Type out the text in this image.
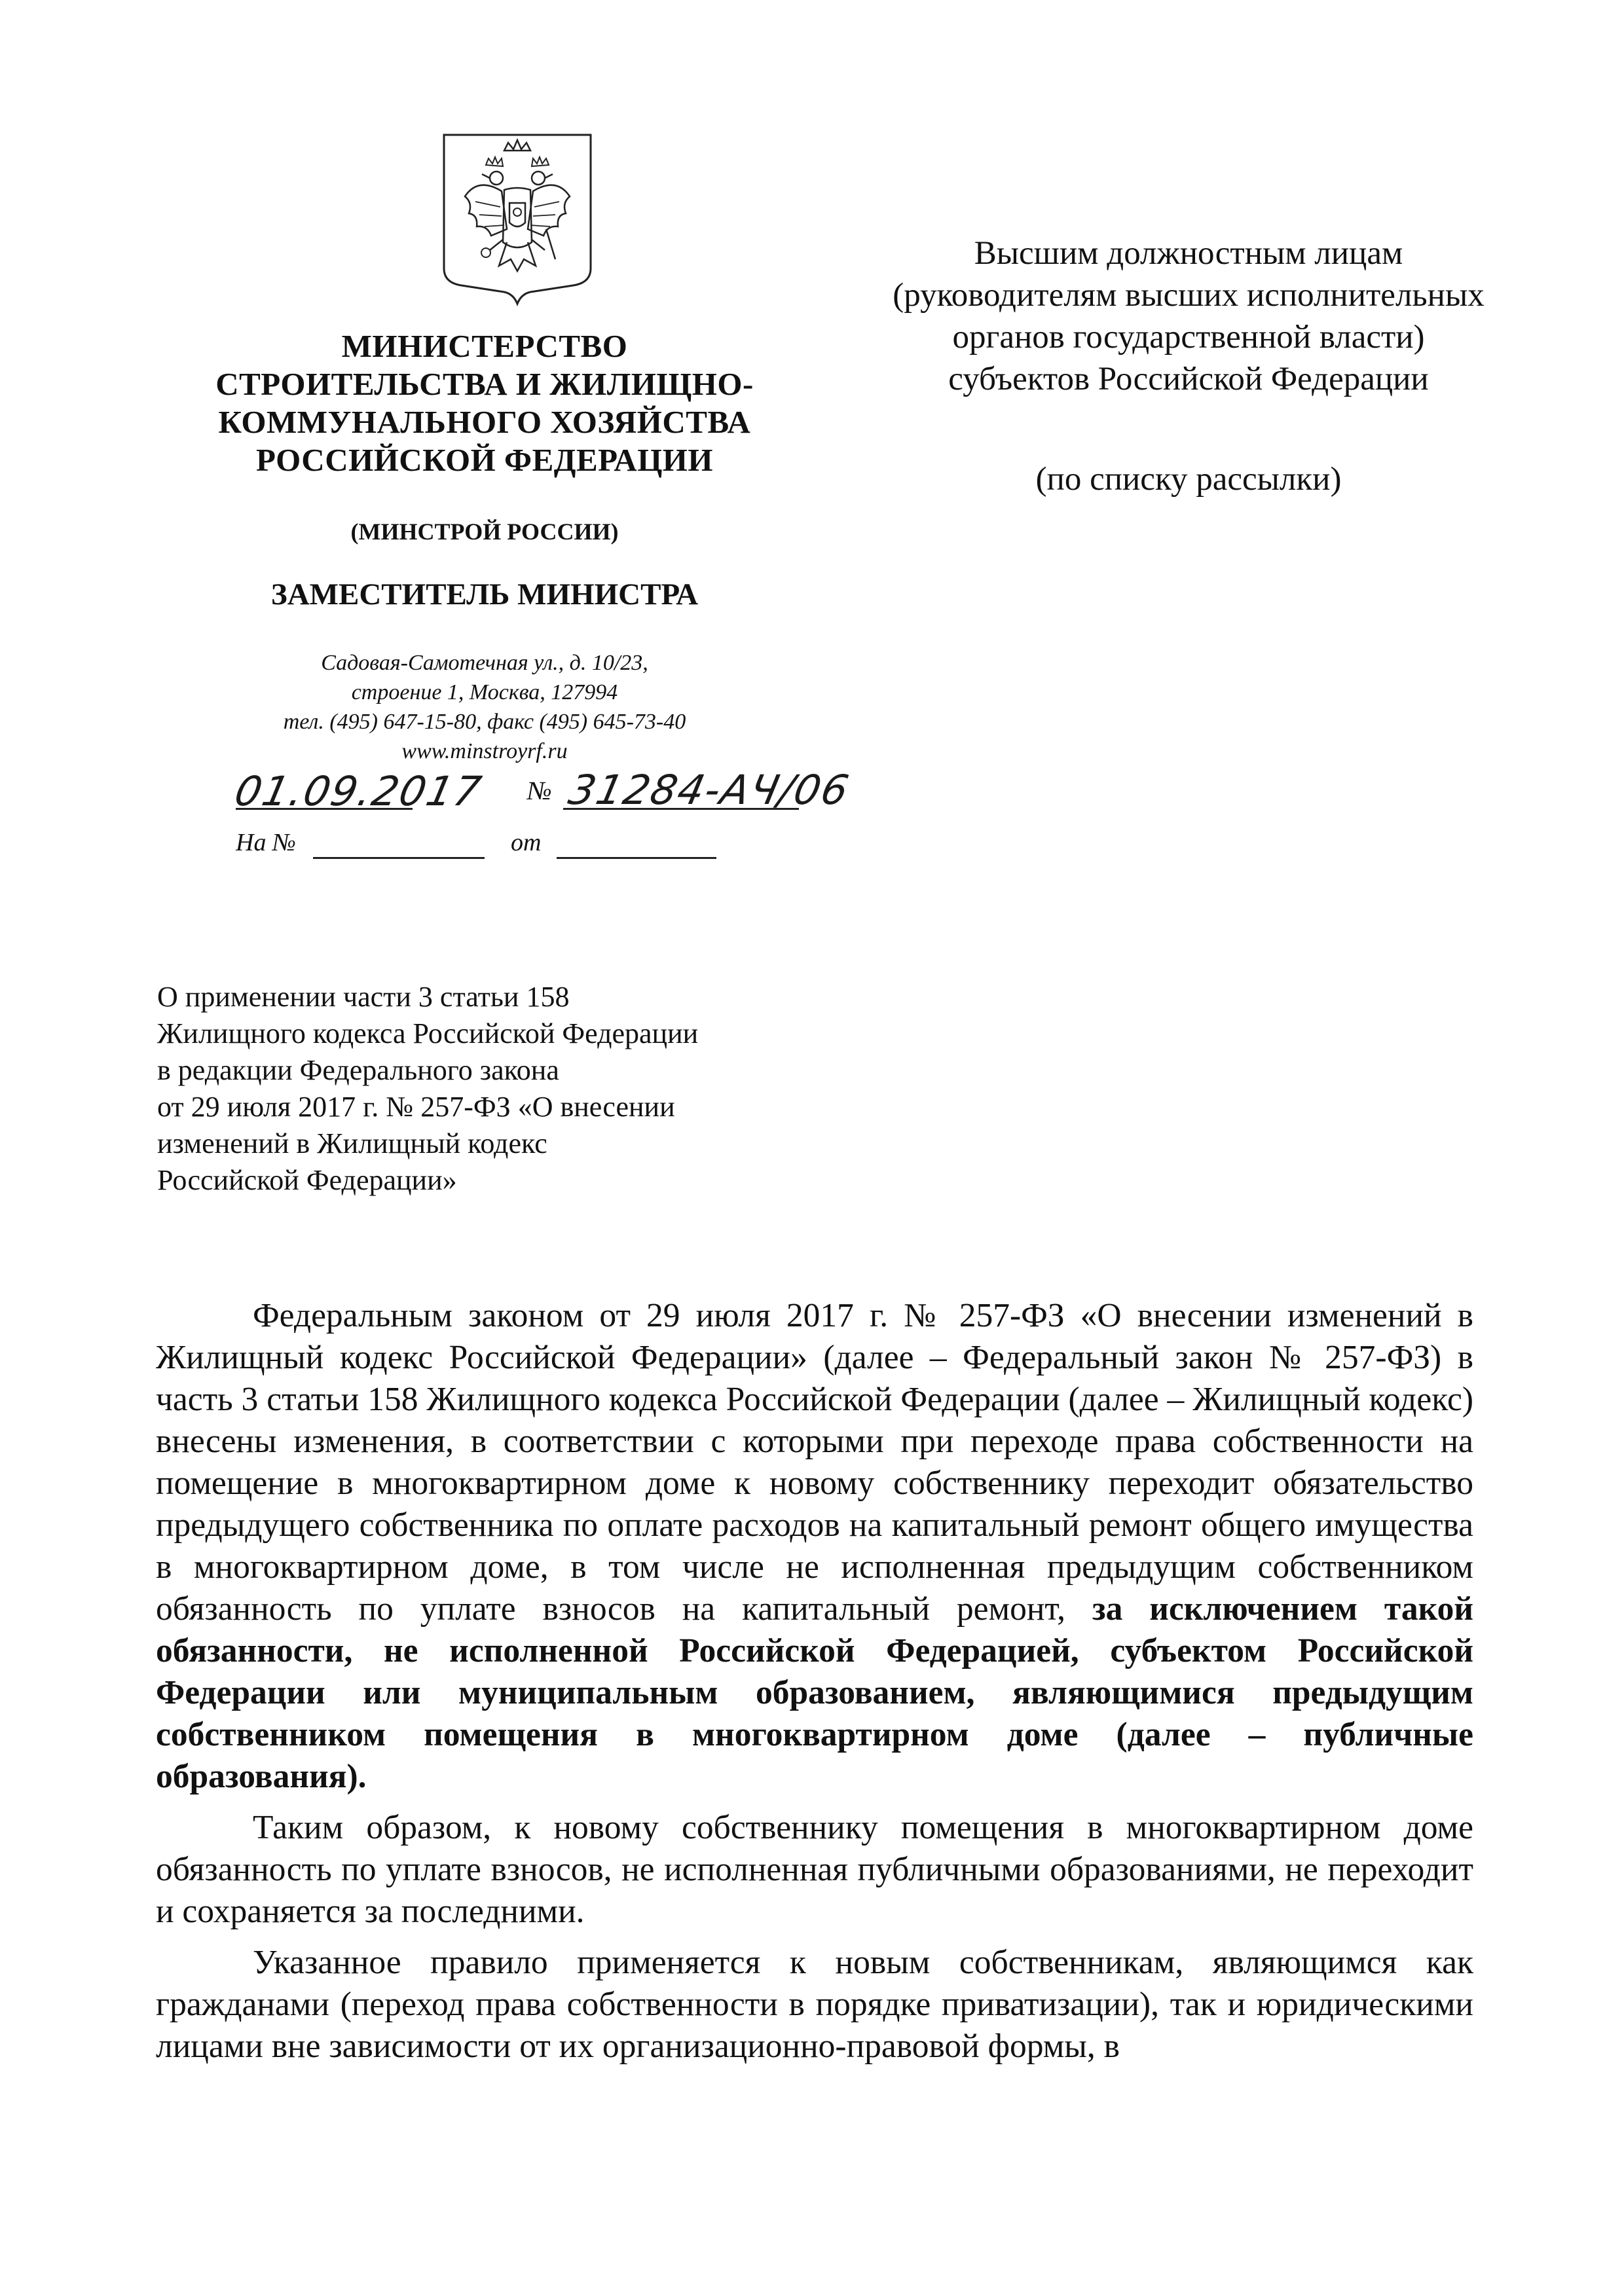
МИНИСТЕРСТВО
СТРОИТЕЛЬСТВА И ЖИЛИЩНО-
КОММУНАЛЬНОГО ХОЗЯЙСТВА
РОССИЙСКОЙ ФЕДЕРАЦИИ
(МИНСТРОЙ РОССИИ)
ЗАМЕСТИТЕЛЬ МИНИСТРА
Садовая-Самотечная ул., д. 10/23,
строение 1, Москва, 127994
тел. (495) 647-15-80, факс (495) 645-73-40
www.minstroyrf.ru
01.09.2017 № 31284-АЧ/06
На №	от
Высшим должностным лицам
(руководителям высших исполнительных
органов государственной власти)
субъектов Российской Федерации
(по списку рассылки)
О применении части 3 статьи 158
Жилищного кодекса Российской Федерации
в редакции Федерального закона
от 29 июля 2017 г. № 257-ФЗ «О внесении
изменений в Жилищный кодекс
Российской Федерации»

Федеральным законом от 29 июля 2017 г. № 257-ФЗ «О внесении изменений в Жилищный кодекс Российской Федерации» (далее – Федеральный закон № 257-ФЗ) в часть 3 статьи 158 Жилищного кодекса Российской Федерации (далее – Жилищный кодекс) внесены изменения, в соответствии с которыми при переходе права собственности на помещение в многоквартирном доме к новому собственнику переходит обязательство предыдущего собственника по оплате расходов на капитальный ремонт общего имущества в многоквартирном доме, в том числе не исполненная предыдущим собственником обязанность по уплате взносов на капитальный ремонт, за исключением такой обязанности, не исполненной Российской Федерацией, субъектом Российской Федерации или муниципальным образованием, являющимися предыдущим собственником помещения в многоквартирном доме (далее – публичные образования).

Таким образом, к новому собственнику помещения в многоквартирном доме обязанность по уплате взносов, не исполненная публичными образованиями, не переходит и сохраняется за последними.

Указанное правило применяется к новым собственникам, являющимся как гражданами (переход права собственности в порядке приватизации), так и юридическими лицами вне зависимости от их организационно-правовой формы, в
